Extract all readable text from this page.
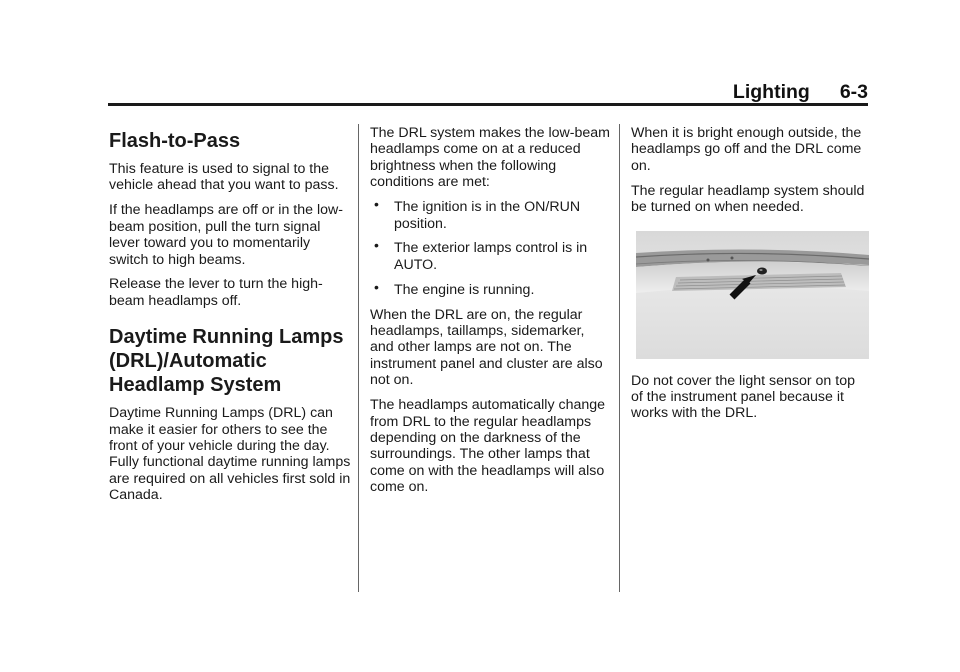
Lighting 6-3
Flash-to-Pass

This feature is used to signal to the vehicle ahead that you want to pass.

If the headlamps are off or in the low-beam position, pull the turn signal lever toward you to momentarily switch to high beams.

Release the lever to turn the high-beam headlamps off.

Daytime Running Lamps
(DRL)/Automatic
Headlamp System

Daytime Running Lamps (DRL) can make it easier for others to see the front of your vehicle during the day. Fully functional daytime running lamps are required on all vehicles first sold in Canada.

The DRL system makes the low-beam headlamps come on at a reduced brightness when the following conditions are met:

• The ignition is in the ON/RUN position.
• The exterior lamps control is in AUTO.
• The engine is running.

When the DRL are on, the regular headlamps, taillamps, sidemarker, and other lamps are not on. The instrument panel and cluster are also not on.

The headlamps automatically change from DRL to the regular headlamps depending on the darkness of the surroundings. The other lamps that come on with the headlamps will also come on.

When it is bright enough outside, the headlamps go off and the DRL come on.

The regular headlamp system should be turned on when needed.

Do not cover the light sensor on top of the instrument panel because it works with the DRL.
